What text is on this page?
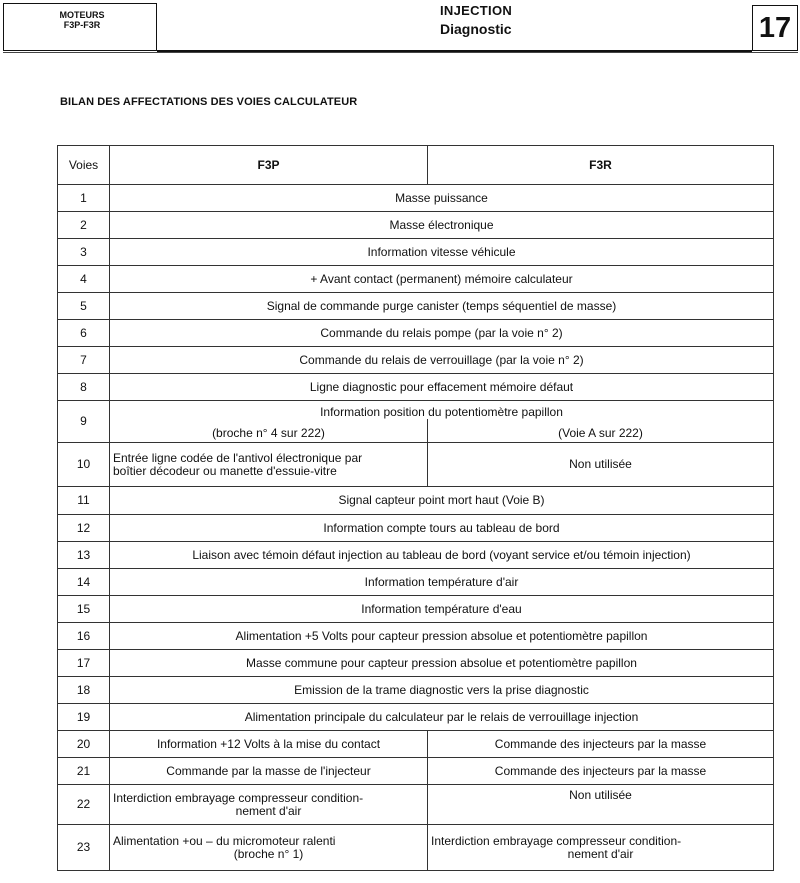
MOTEURS
F3P-F3R
INJECTION
Diagnostic	17
BILAN DES AFFECTATIONS DES VOIES CALCULATEUR
Voies	F3P	F3R
1	Masse puissance	
2	Masse électronique	
3	Information vitesse véhicule	
4	+ Avant contact (permanent) mémoire calculateur	
5	Signal de commande purge canister (temps séquentiel de masse)	
6	Commande du relais pompe (par la voie n° 2)	
7	Commande du relais de verrouillage (par la voie n° 2)	
8	Ligne diagnostic pour effacement mémoire défaut	
9	Information position du potentiomètre papillon	
	(broche n° 4 sur 222)	(Voie A sur 222)
10	Entrée ligne codée de l'antivol électronique par
boîtier décodeur ou manette d'essuie-vitre	Non utilisée
11	Signal capteur point mort haut (Voie B)	
12	Information compte tours au tableau de bord	
13	Liaison avec témoin défaut injection au tableau de bord (voyant service et/ou témoin injection)	
14	Information température d'air	
15	Information température d'eau	
16	Alimentation +5 Volts pour capteur pression absolue et potentiomètre papillon	
17	Masse commune pour capteur pression absolue et potentiomètre papillon	
18	Emission de la trame diagnostic vers la prise diagnostic	
19	Alimentation principale du calculateur par le relais de verrouillage injection	
20	Information +12 Volts à la mise du contact	Commande des injecteurs par la masse
21	Commande par la masse de l'injecteur	Commande des injecteurs par la masse
22	Interdiction embrayage compresseur condition-
nement d'air	Non utilisée
23	Alimentation +ou – du micromoteur ralenti
(broche n° 1)	Interdiction embrayage compresseur condition-
nement d'air
